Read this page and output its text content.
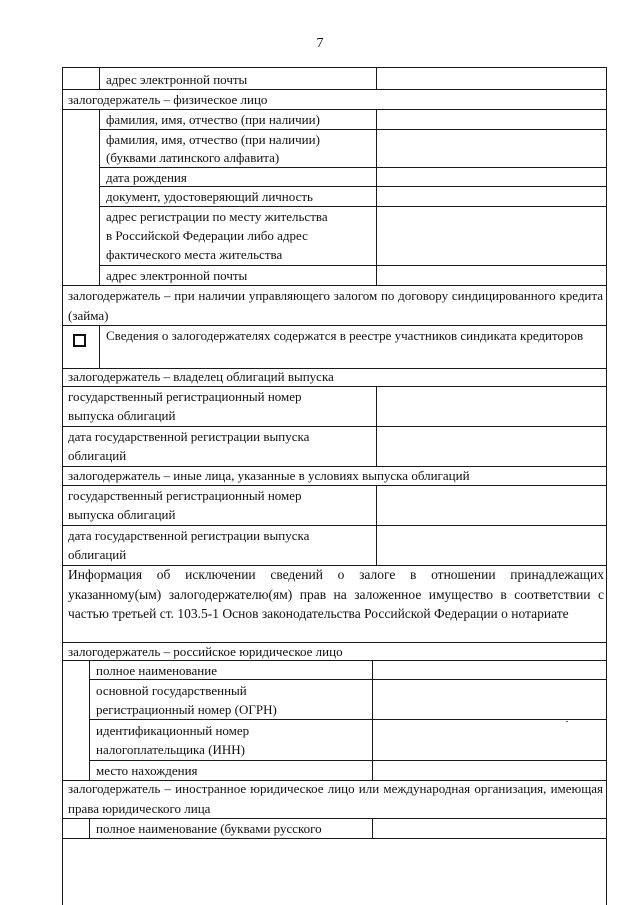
7
адрес электронной почты
залогодержатель – физическое лицо
фамилия, имя, отчество (при наличии)
фамилия, имя, отчество (при наличии)
(буквами латинского алфавита)
дата рождения
документ, удостоверяющий личность
адрес регистрации по месту жительства
в Российской Федерации либо адрес
фактического места жительства
адрес электронной почты
залогодержатель – при наличии управляющего залогом по договору синдицированного кредита (займа)
Сведения о залогодержателях содержатся в реестре участников синдиката кредиторов
залогодержатель – владелец облигаций выпуска
государственный регистрационный номер
выпуска облигаций
дата государственной регистрации выпуска
облигаций
залогодержатель – иные лица, указанные в условиях выпуска облигаций
государственный регистрационный номер
выпуска облигаций
дата государственной регистрации выпуска
облигаций
Информация об исключении сведений о залоге в отношении принадлежащих указанному(ым) залогодержателю(ям) прав на заложенное имущество в соответствии с частью третьей ст. 103.5-1 Основ законодательства Российской Федерации о нотариате
залогодержатель – российское юридическое лицо
полное наименование
основной государственный
регистрационный номер (ОГРН)
идентификационный номер
налогоплательщика (ИНН)
место нахождения
залогодержатель – иностранное юридическое лицо или международная организация, имеющая права юридического лица
полное наименование (буквами русского
